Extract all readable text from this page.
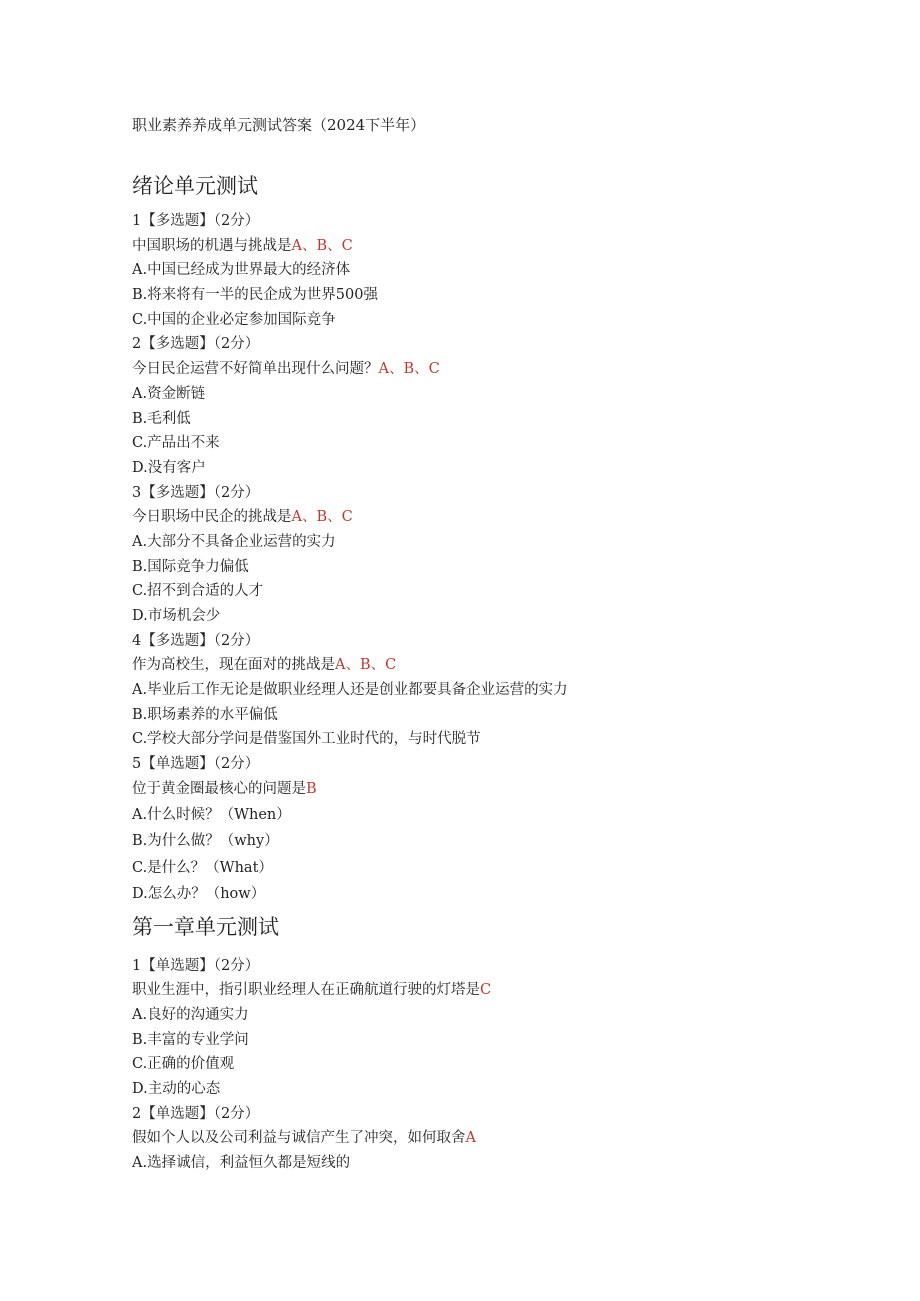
职业素养养成单元测试答案（2024下半年）
绪论单元测试
1【多选题】（2分）
中国职场的机遇与挑战是A、B、C
A.中国已经成为世界最大的经济体
B.将来将有一半的民企成为世界500强
C.中国的企业必定参加国际竞争
2【多选题】（2分）
今日民企运营不好简单出现什么问题？A、B、C
A.资金断链
B.毛利低
C.产品出不来
D.没有客户
3【多选题】（2分）
今日职场中民企的挑战是A、B、C
A.大部分不具备企业运营的实力
B.国际竞争力偏低
C.招不到合适的人才
D.市场机会少
4【多选题】（2分）
作为高校生，现在面对的挑战是A、B、C
A.毕业后工作无论是做职业经理人还是创业都要具备企业运营的实力
B.职场素养的水平偏低
C.学校大部分学问是借鉴国外工业时代的，与时代脱节
5【单选题】（2分）
位于黄金圈最核心的问题是B
A.什么时候？（When）
B.为什么做？（why）
C.是什么？（What）
D.怎么办？（how）
第一章单元测试
1【单选题】（2分）
职业生涯中，指引职业经理人在正确航道行驶的灯塔是C
A.良好的沟通实力
B.丰富的专业学问
C.正确的价值观
D.主动的心态
2【单选题】（2分）
假如个人以及公司利益与诚信产生了冲突，如何取舍A
A.选择诚信，利益恒久都是短线的
